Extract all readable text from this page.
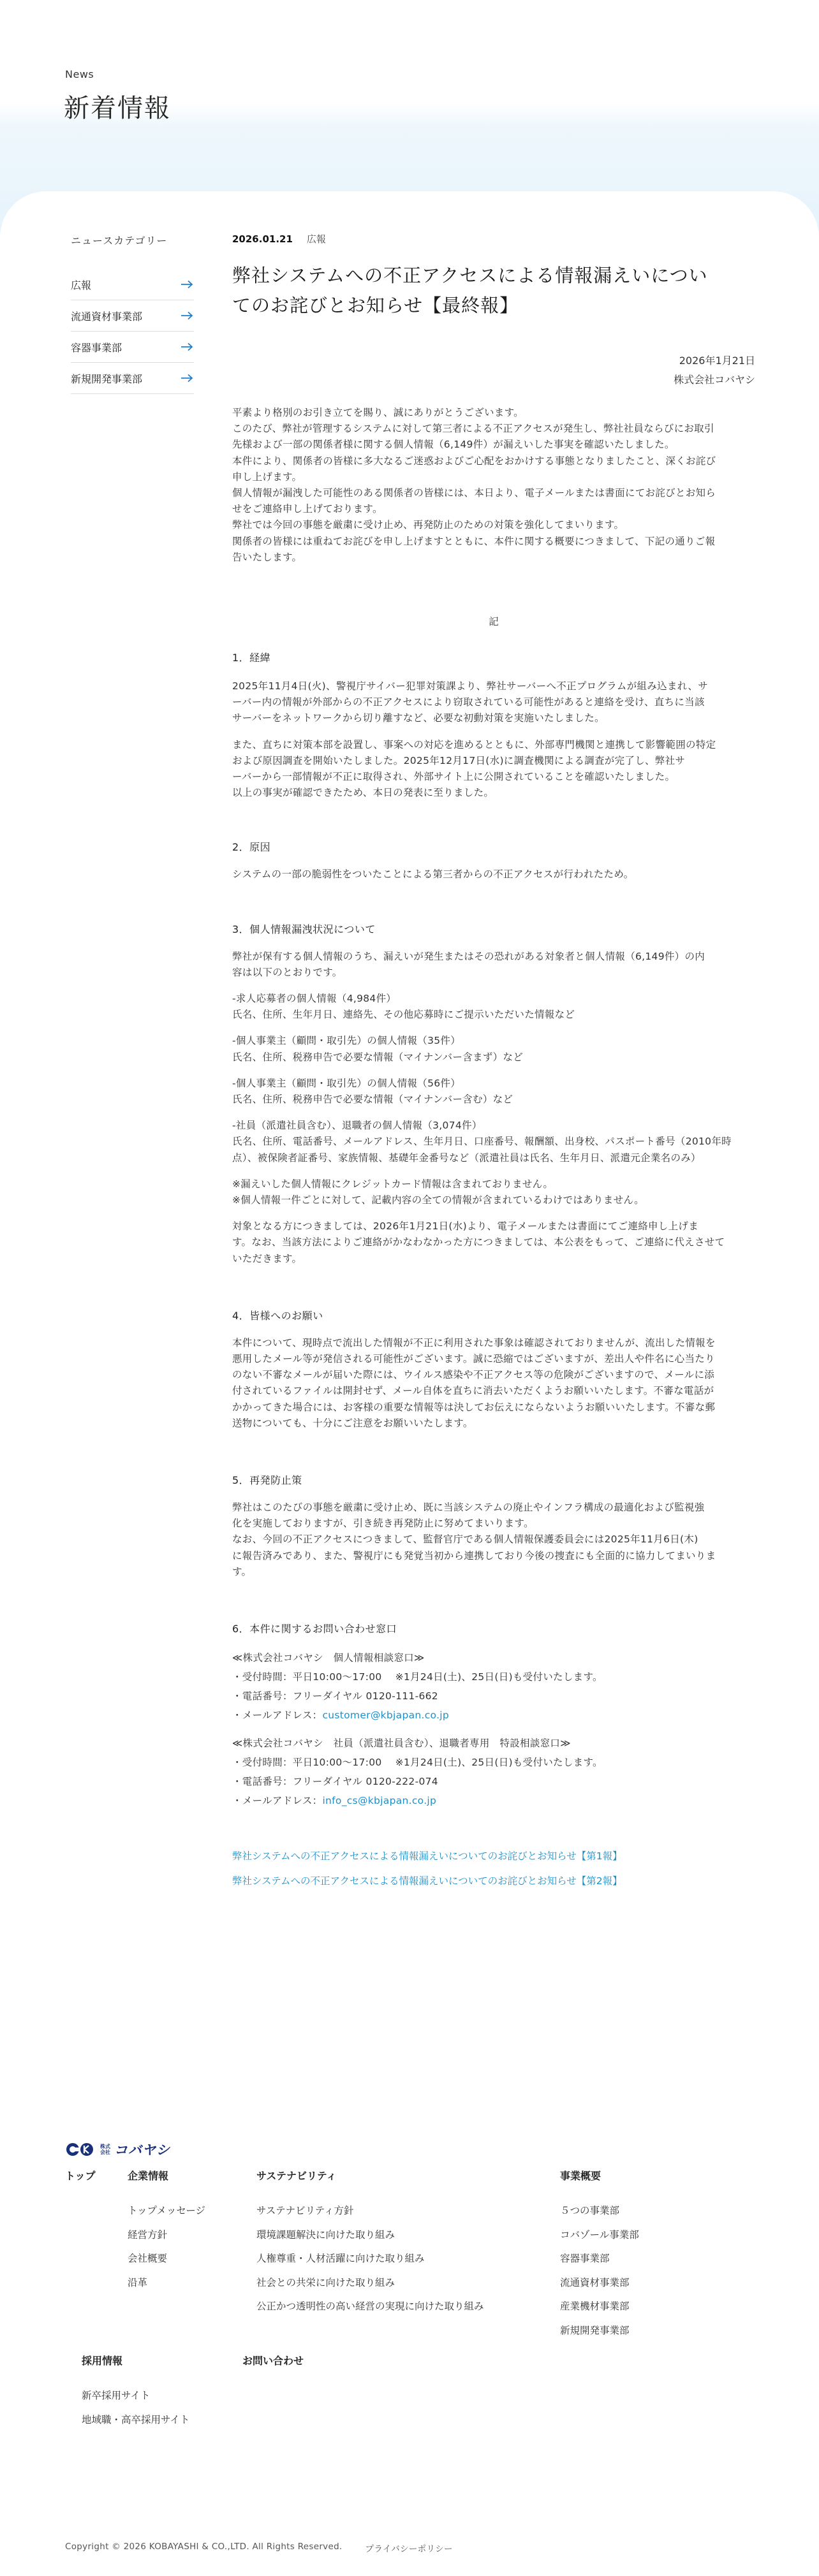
News
新着情報
ニュースカテゴリー
広報
流通資材事業部
容器事業部
新規開発事業部
2026.01.21 広報
弊社システムへの不正アクセスによる情報漏えいについ
てのお詫びとお知らせ【最終報】
2026年1月21日
株式会社コバヤシ
平素より格別のお引き立てを賜り、誠にありがとうございます。
このたび、弊社が管理するシステムに対して第三者による不正アクセスが発生し、弊社社員ならびにお取引
先様および一部の関係者様に関する個人情報（6,149件）が漏えいした事実を確認いたしました。
本件により、関係者の皆様に多大なるご迷惑およびご心配をおかけする事態となりましたこと、深くお詫び
申し上げます。
個人情報が漏洩した可能性のある関係者の皆様には、本日より、電子メールまたは書面にてお詫びとお知ら
せをご連絡申し上げております。
弊社では今回の事態を厳粛に受け止め、再発防止のための対策を強化してまいります。
関係者の皆様には重ねてお詫びを申し上げますとともに、本件に関する概要につきまして、下記の通りご報
告いたします。
記
1．経緯
2025年11月4日(火)、警視庁サイバー犯罪対策課より、弊社サーバーへ不正プログラムが組み込まれ、サ
ーバー内の情報が外部からの不正アクセスにより窃取されている可能性があると連絡を受け、直ちに当該
サーバーをネットワークから切り離すなど、必要な初動対策を実施いたしました。
また、直ちに対策本部を設置し、事案への対応を進めるとともに、外部専門機関と連携して影響範囲の特定
および原因調査を開始いたしました。2025年12月17日(水)に調査機関による調査が完了し、弊社サ
ーバーから一部情報が不正に取得され、外部サイト上に公開されていることを確認いたしました。
以上の事実が確認できたため、本日の発表に至りました。
2．原因
システムの一部の脆弱性をついたことによる第三者からの不正アクセスが行われたため。
3．個人情報漏洩状況について
弊社が保有する個人情報のうち、漏えいが発生またはその恐れがある対象者と個人情報（6,149件）の内
容は以下のとおりです。
-求人応募者の個人情報（4,984件）
氏名、住所、生年月日、連絡先、その他応募時にご提示いただいた情報など
-個人事業主（顧問・取引先）の個人情報（35件）
氏名、住所、税務申告で必要な情報（マイナンバー含まず）など
-個人事業主（顧問・取引先）の個人情報（56件）
氏名、住所、税務申告で必要な情報（マイナンバー含む）など
-社員（派遣社員含む）、退職者の個人情報（3,074件）
氏名、住所、電話番号、メールアドレス、生年月日、口座番号、報酬額、出身校、パスポート番号（2010年時
点）、被保険者証番号、家族情報、基礎年金番号など（派遣社員は氏名、生年月日、派遣元企業名のみ）
※漏えいした個人情報にクレジットカード情報は含まれておりません。
※個人情報一件ごとに対して、記載内容の全ての情報が含まれているわけではありません。
対象となる方につきましては、2026年1月21日(水)より、電子メールまたは書面にてご連絡申し上げま
す。なお、当該方法によりご連絡がかなわなかった方につきましては、本公表をもって、ご連絡に代えさせて
いただきます。
4．皆様へのお願い
本件について、現時点で流出した情報が不正に利用された事象は確認されておりませんが、流出した情報を
悪用したメール等が発信される可能性がございます。誠に恐縮ではございますが、差出人や件名に心当たり
のない不審なメールが届いた際には、ウイルス感染や不正アクセス等の危険がございますので、メールに添
付されているファイルは開封せず、メール自体を直ちに消去いただくようお願いいたします。不審な電話が
かかってきた場合には、お客様の重要な情報等は決してお伝えにならないようお願いいたします。不審な郵
送物についても、十分にご注意をお願いいたします。
5．再発防止策
弊社はこのたびの事態を厳粛に受け止め、既に当該システムの廃止やインフラ構成の最適化および監視強
化を実施しておりますが、引き続き再発防止に努めてまいります。
なお、今回の不正アクセスにつきまして、監督官庁である個人情報保護委員会には2025年11月6日(木)
に報告済みであり、また、警視庁にも発覚当初から連携しており今後の捜査にも全面的に協力してまいりま
す。
6．本件に関するお問い合わせ窓口
≪株式会社コバヤシ　個人情報相談窓口≫
・受付時間：平日10:00～17:00　 ※1月24日(土)、25日(日)も受付いたします。
・電話番号：フリーダイヤル 0120-111-662
・メールアドレス：customer@kbjapan.co.jp
≪株式会社コバヤシ　社員（派遣社員含む）、退職者専用　特設相談窓口≫
・受付時間：平日10:00～17:00　 ※1月24日(土)、25日(日)も受付いたします。
・電話番号：フリーダイヤル 0120-222-074
・メールアドレス：info_cs@kbjapan.co.jp
弊社システムへの不正アクセスによる情報漏えいについてのお詫びとお知らせ【第1報】
弊社システムへの不正アクセスによる情報漏えいについてのお詫びとお知らせ【第2報】
株式
会社 コバヤシ
トップ	企業情報
トップメッセージ
経営方針
会社概要
沿革
サステナビリティ
サステナビリティ方針
環境課題解決に向けた取り組み
人権尊重・人材活躍に向けた取り組み
社会との共栄に向けた取り組み
公正かつ透明性の高い経営の実現に向けた取り組み
事業概要
５つの事業部
コバゾール事業部
容器事業部
流通資材事業部
産業機材事業部
新規開発事業部
採用情報
新卒採用サイト
地域職・高卒採用サイト
お問い合わせ
Copyright © 2026 KOBAYASHI & CO.,LTD. All Rights Reserved.	プライバシーポリシー
